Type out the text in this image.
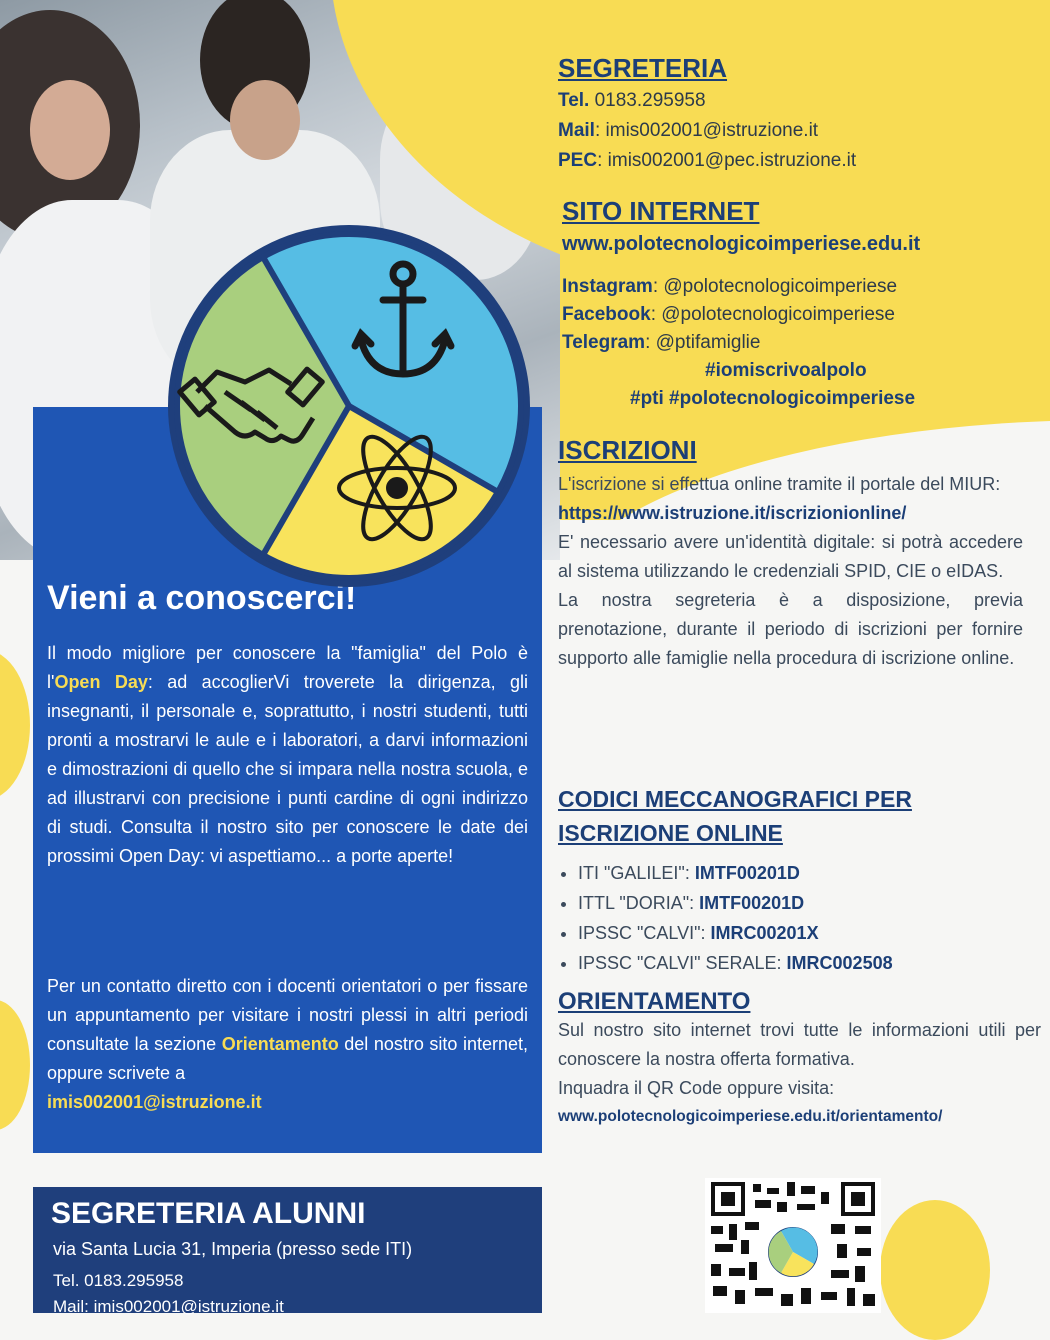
SEGRETERIA

Tel. 0183.295958
Mail: imis002001@istruzione.it
PEC: imis002001@pec.istruzione.it

SITO INTERNET

www.polotecnologicoimperiese.edu.it
Instagram: @polotecnologicoimperiese
Facebook: @polotecnologicoimperiese
Telegram: @ptifamiglie
#iomiscrivoalpolo
#pti #polotecnologicoimperiese

ISCRIZIONI

L'iscrizione si effettua online tramite il portale del MIUR:
https://www.istruzione.it/iscrizionionline/
E' necessario avere un'identità digitale: si potrà accedere al sistema utilizzando le credenziali SPID, CIE o eIDAS.
La nostra segreteria è a disposizione, previa prenotazione, durante il periodo di iscrizioni per fornire supporto alle famiglie nella procedura di iscrizione online.

CODICI MECCANOGRAFICI PER

ISCRIZIONE ONLINE

• ITI "GALILEI": IMTF00201D
• ITTL "DORIA": IMTF00201D
• IPSSC "CALVI": IMRC00201X
• IPSSC "CALVI" SERALE: IMRC002508

ORIENTAMENTO

Sul nostro sito internet trovi tutte le informazioni utili per conoscere la nostra offerta formativa.
Inquadra il QR Code oppure visita:
www.polotecnologicoimperiese.edu.it/orientamento/
Vieni a conoscerci!
Il modo migliore per conoscere la "famiglia" del Polo è l'Open Day: ad accoglierVi troverete la dirigenza, gli insegnanti, il personale e, soprattutto, i nostri studenti, tutti pronti a mostrarvi le aule e i laboratori, a darvi informazioni e dimostrazioni di quello che si impara nella nostra scuola, e ad illustrarvi con precisione i punti cardine di ogni indirizzo di studi. Consulta il nostro sito per conoscere le date dei prossimi Open Day: vi aspettiamo... a porte aperte!
Per un contatto diretto con i docenti orientatori o per fissare un appuntamento per visitare i nostri plessi in altri periodi consultate la sezione Orientamento del nostro sito internet, oppure scrivete a
imis002001@istruzione.it
SEGRETERIA ALUNNI
via Santa Lucia 31, Imperia (presso sede ITI)
Tel. 0183.295958
Mail: imis002001@istruzione.it
